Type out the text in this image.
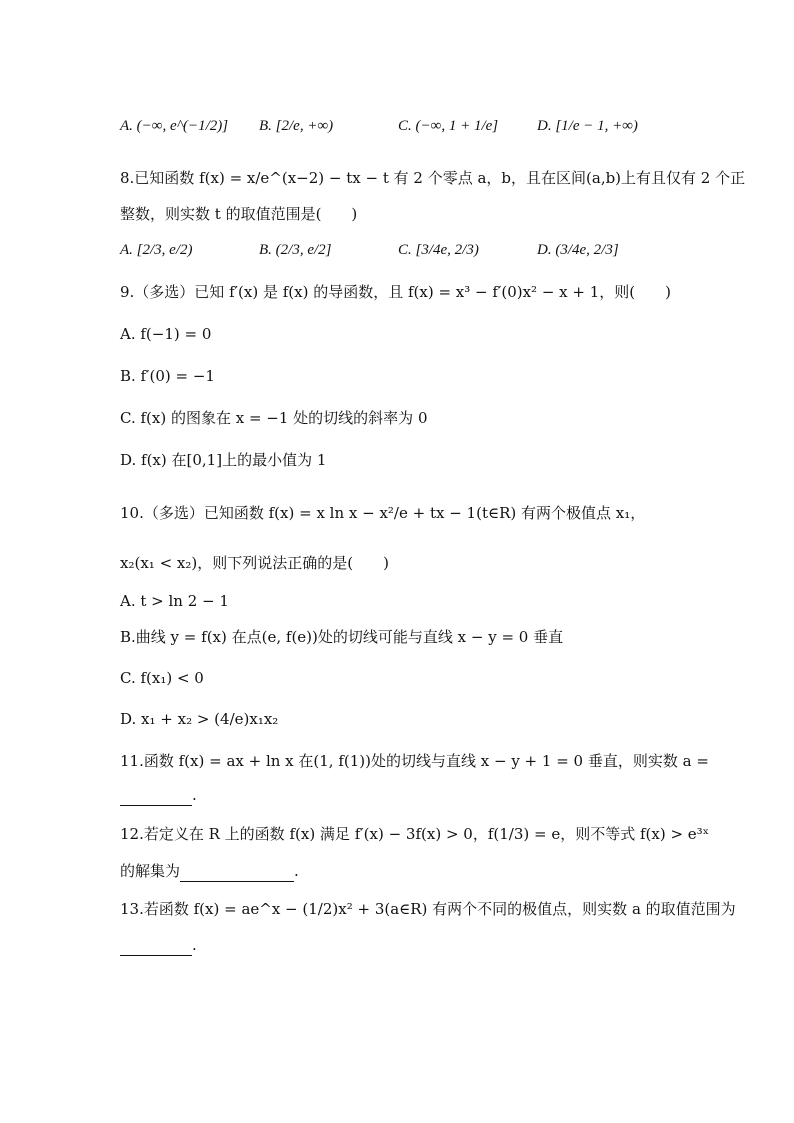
A. (−∞, e^(−1/2)]	B. [2/e, +∞)	C. (−∞, 1 + 1/e]	D. [1/e − 1, +∞)
8.已知函数 f(x) = x/e^(x−2) − tx − t 有 2 个零点 a，b，且在区间(a,b)上有且仅有 2 个正
整数，则实数 t 的取值范围是(　　)
A. [2/3, e/2)	B. (2/3, e/2]	C. [3/4e, 2/3)	D. (3/4e, 2/3]
9.（多选）已知 f′(x) 是 f(x) 的导函数，且 f(x) = x³ − f′(0)x² − x + 1，则(　　)
A. f(−1) = 0
B. f′(0) = −1
C. f(x) 的图象在 x = −1 处的切线的斜率为 0
D. f(x) 在[0,1]上的最小值为 1
10.（多选）已知函数 f(x) = x ln x − x²/e + tx − 1(t∈R) 有两个极值点 x₁，
x₂(x₁ < x₂)，则下列说法正确的是(　　)
A. t > ln 2 − 1
B.曲线 y = f(x) 在点(e, f(e))处的切线可能与直线 x − y = 0 垂直
C. f(x₁) < 0
D. x₁ + x₂ > (4/e)x₁x₂
11.函数 f(x) = ax + ln x 在(1, f(1))处的切线与直线 x − y + 1 = 0 垂直，则实数 a =
.
12.若定义在 R 上的函数 f(x) 满足 f′(x) − 3f(x) > 0，f(1/3) = e，则不等式 f(x) > e³ˣ
的解集为	.
13.若函数 f(x) = ae^x − (1/2)x² + 3(a∈R) 有两个不同的极值点，则实数 a 的取值范围为
.
